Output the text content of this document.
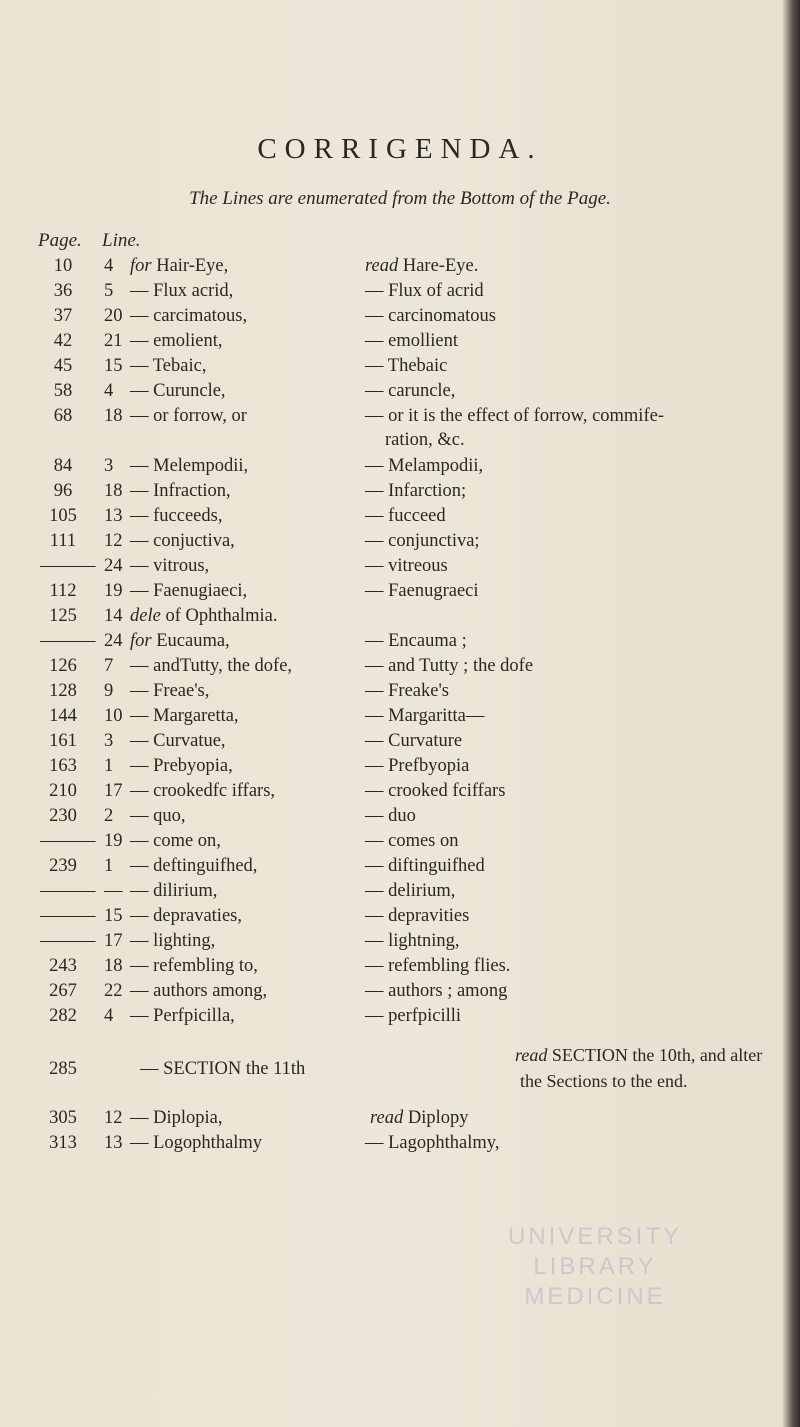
CORRIGENDA.
The Lines are enumerated from the Bottom of the Page.
Page. Line.
10	4 for Hair-Eye,	read Hare-Eye.
36	5 — Flux acrid,	— Flux of acrid
37	20 — carcimatous,	— carcinomatous
42	21 — emolient,	— emollient
45	15 — Tebaic,	— Thebaic
58	4 — Curuncle,	— caruncle,
68	18 — or forrow, or	— or it is the effect of forrow, commife-
ration, &c.
84	3 — Melempodii,	— Melampodii,
96	18 — Infraction,	— Infarction;
105	13 — fucceeds,	— fucceed
111	12 — conjuctiva,	— conjunctiva;
——— 24 — vitrous,	— vitreous
112	19 — Faenugiaeci,	— Faenugraeci
125	14 dele of Ophthalmia.
——— 24 for Eucauma,	— Encauma ;
126	7 — andTutty, the dofe,	— and Tutty ; the dofe
128	9 — Freae's,	— Freake's
144	10 — Margaretta,	— Margaritta—
161	3 — Curvatue,	— Curvature
163	1 — Prebyopia,	— Prefbyopia
210	17 — crookedfc iffars,	— crooked fciffars
230	2 — quo,	— duo
——— 19 — come on,	— comes on
239	1 — deftinguifhed,	— diftinguifhed
——— — — dilirium,	— delirium,
——— 15 — depravaties,	— depravities
——— 17 — lighting,	— lightning,
243	18 — refembling to,	— refembling flies.
267	22 — authors among,	— authors ; among
282	4 — Perfpicilla,	— perfpicilli
285	— SECTION the 11th
read SECTION the 10th, and alter
the Sections to the end.
305	12 — Diplopia,	read Diplopy
313	13 — Logophthalmy	— Lagophthalmy,
UNIVERSITY
LIBRARY
MEDICINE
